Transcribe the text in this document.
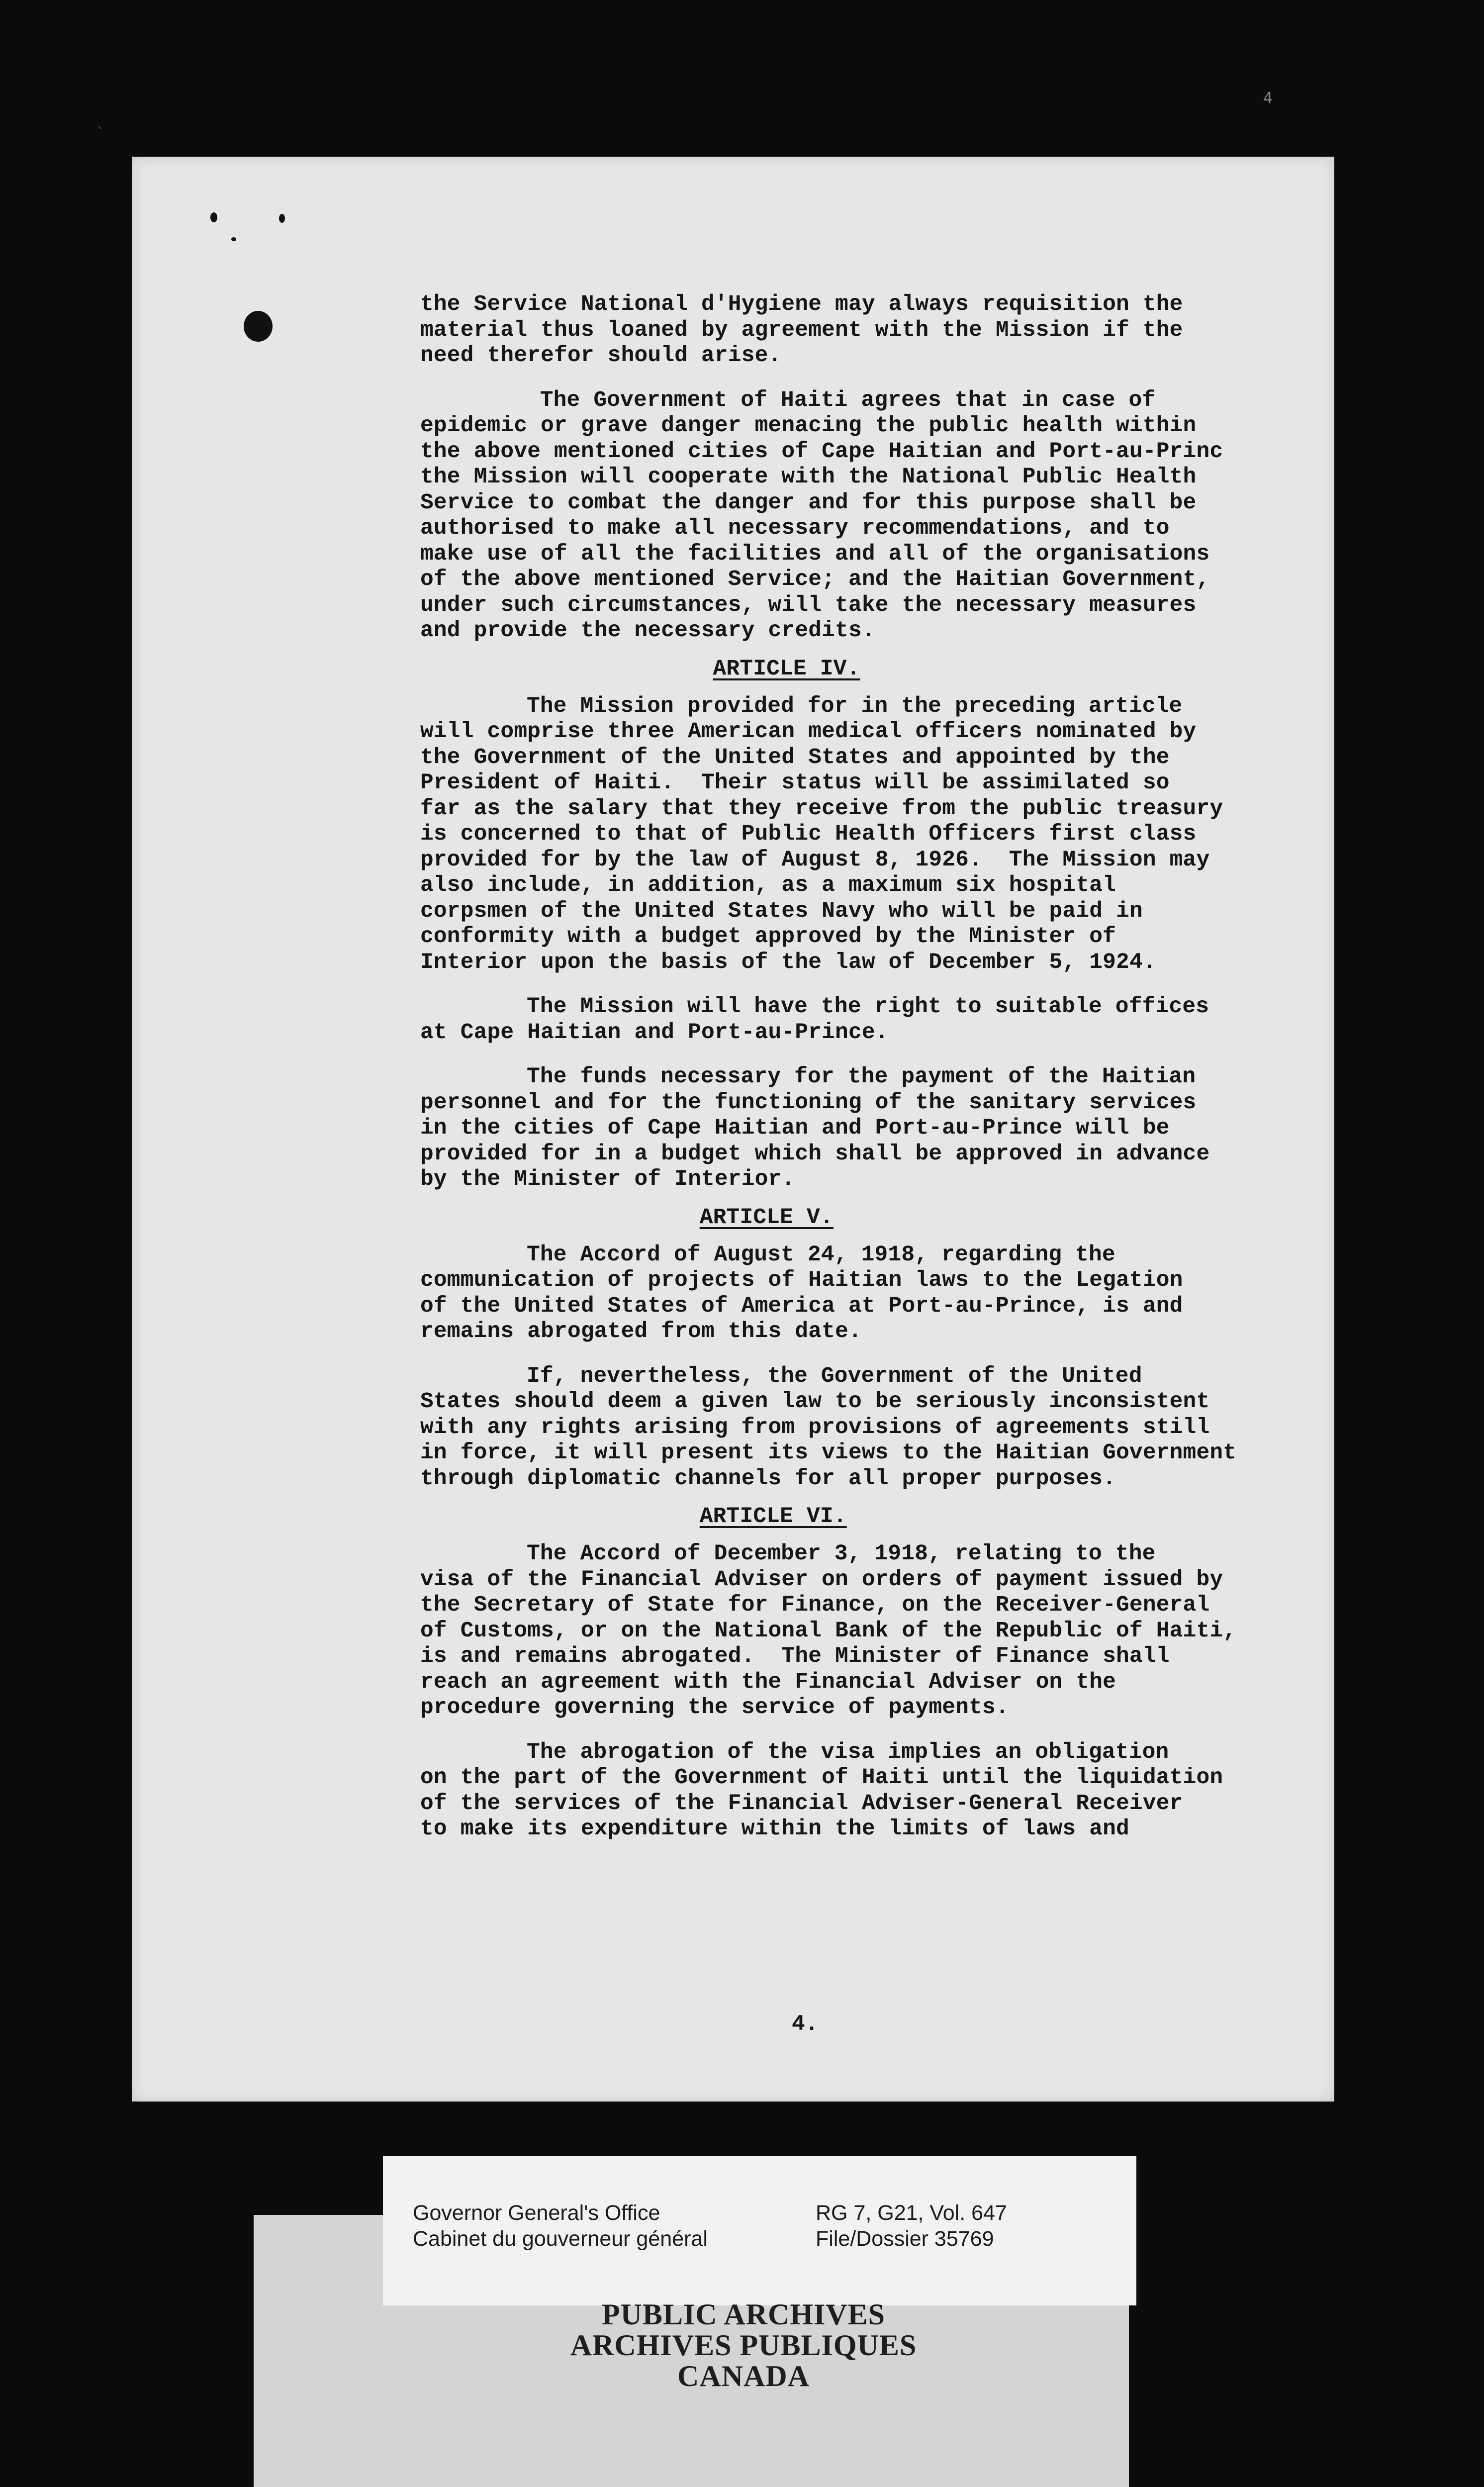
4
`
the Service National d'Hygiene may always requisition the
material thus loaned by agreement with the Mission if the
need therefor should arise.
The Government of Haiti agrees that in case of
epidemic or grave danger menacing the public health within
the above mentioned cities of Cape Haitian and Port-au-Princ
the Mission will cooperate with the National Public Health
Service to combat the danger and for this purpose shall be
authorised to make all necessary recommendations, and to
make use of all the facilities and all of the organisations
of the above mentioned Service; and the Haitian Government,
under such circumstances, will take the necessary measures
and provide the necessary credits.
ARTICLE IV.
The Mission provided for in the preceding article
will comprise three American medical officers nominated by
the Government of the United States and appointed by the
President of Haiti.  Their status will be assimilated so
far as the salary that they receive from the public treasury
is concerned to that of Public Health Officers first class
provided for by the law of August 8, 1926.  The Mission may
also include, in addition, as a maximum six hospital
corpsmen of the United States Navy who will be paid in
conformity with a budget approved by the Minister of
Interior upon the basis of the law of December 5, 1924.
The Mission will have the right to suitable offices
at Cape Haitian and Port-au-Prince.
The funds necessary for the payment of the Haitian
personnel and for the functioning of the sanitary services
in the cities of Cape Haitian and Port-au-Prince will be
provided for in a budget which shall be approved in advance
by the Minister of Interior.
ARTICLE V.
The Accord of August 24, 1918, regarding the
communication of projects of Haitian laws to the Legation
of the United States of America at Port-au-Prince, is and
remains abrogated from this date.
If, nevertheless, the Government of the United
States should deem a given law to be seriously inconsistent
with any rights arising from provisions of agreements still
in force, it will present its views to the Haitian Government
through diplomatic channels for all proper purposes.
ARTICLE VI.
The Accord of December 3, 1918, relating to the
visa of the Financial Adviser on orders of payment issued by
the Secretary of State for Finance, on the Receiver-General
of Customs, or on the National Bank of the Republic of Haiti,
is and remains abrogated.  The Minister of Finance shall
reach an agreement with the Financial Adviser on the
procedure governing the service of payments.
The abrogation of the visa implies an obligation
on the part of the Government of Haiti until the liquidation
of the services of the Financial Adviser-General Receiver
to make its expenditure within the limits of laws and
4.
Governor General's Office
Cabinet du gouverneur général
RG 7, G21, Vol. 647
File/Dossier 35769
PUBLIC ARCHIVES
ARCHIVES PUBLIQUES
CANADA
